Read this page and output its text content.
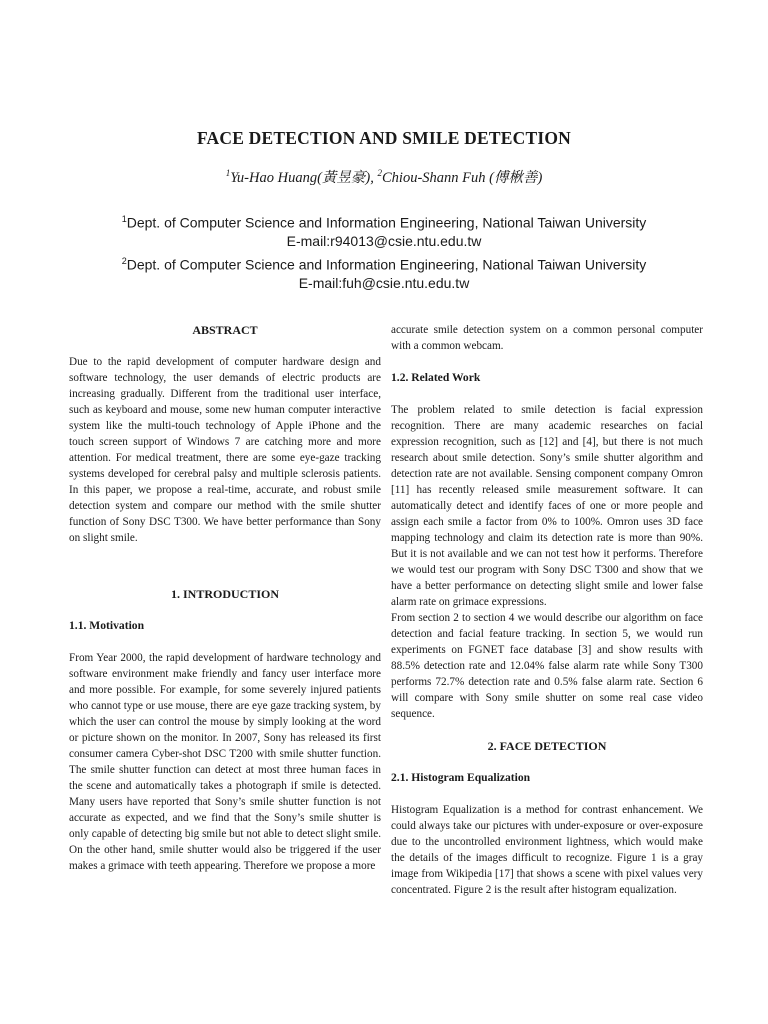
FACE DETECTION AND SMILE DETECTION
$^1$Yu-Hao Huang(黃昱豪), $^2$Chiou-Shann Fuh (傅楸善)
$^1$Dept. of Computer Science and Information Engineering, National Taiwan University
E-mail:r94013@csie.ntu.edu.tw
$^2$Dept. of Computer Science and Information Engineering, National Taiwan University
E-mail:fuh@csie.ntu.edu.tw
ABSTRACT

Due to the rapid development of computer hardware design and software technology, the user demands of electric products are increasing gradually. Different from the traditional user interface, such as keyboard and mouse, some new human computer interactive system like the multi-touch technology of Apple iPhone and the touch screen support of Windows 7 are catching more and more attention. For medical treatment, there are some eye-gaze tracking systems developed for cerebral palsy and multiple sclerosis patients. In this paper, we propose a real-time, accurate, and robust smile detection system and compare our method with the smile shutter function of Sony DSC T300. We have better performance than Sony on slight smile.

1. INTRODUCTION
1.1. Motivation

From Year 2000, the rapid development of hardware technology and software environment make friendly and fancy user interface more and more possible. For example, for some severely injured patients who cannot type or use mouse, there are eye gaze tracking system, by which the user can control the mouse by simply looking at the word or picture shown on the monitor. In 2007, Sony has released its first consumer camera Cyber-shot DSC T200 with smile shutter function. The smile shutter function can detect at most three human faces in the scene and automatically takes a photograph if smile is detected. Many users have reported that Sony’s smile shutter function is not accurate as expected, and we find that the Sony’s smile shutter is only capable of detecting big smile but not able to detect slight smile. On the other hand, smile shutter would also be triggered if the user makes a grimace with teeth appearing. Therefore we propose a more

accurate smile detection system on a common personal computer with a common webcam.

1.2. Related Work

The problem related to smile detection is facial expression recognition. There are many academic researches on facial expression recognition, such as [12] and [4], but there is not much research about smile detection. Sony’s smile shutter algorithm and detection rate are not available. Sensing component company Omron [11] has recently released smile measurement software. It can automatically detect and identify faces of one or more people and assign each smile a factor from 0% to 100%. Omron uses 3D face mapping technology and claim its detection rate is more than 90%. But it is not available and we can not test how it performs. Therefore we would test our program with Sony DSC T300 and show that we have a better performance on detecting slight smile and lower false alarm rate on grimace expressions.

From section 2 to section 4 we would describe our algorithm on face detection and facial feature tracking. In section 5, we would run experiments on FGNET face database [3] and show results with 88.5% detection rate and 12.04% false alarm rate while Sony T300 performs 72.7% detection rate and 0.5% false alarm rate. Section 6 will compare with Sony smile shutter on some real case video sequence.

2. FACE DETECTION
2.1. Histogram Equalization

Histogram Equalization is a method for contrast enhancement. We could always take our pictures with under-exposure or over-exposure due to the uncontrolled environment lightness, which would make the details of the images difficult to recognize. Figure 1 is a gray image from Wikipedia [17] that shows a scene with pixel values very concentrated. Figure 2 is the result after histogram equalization.
